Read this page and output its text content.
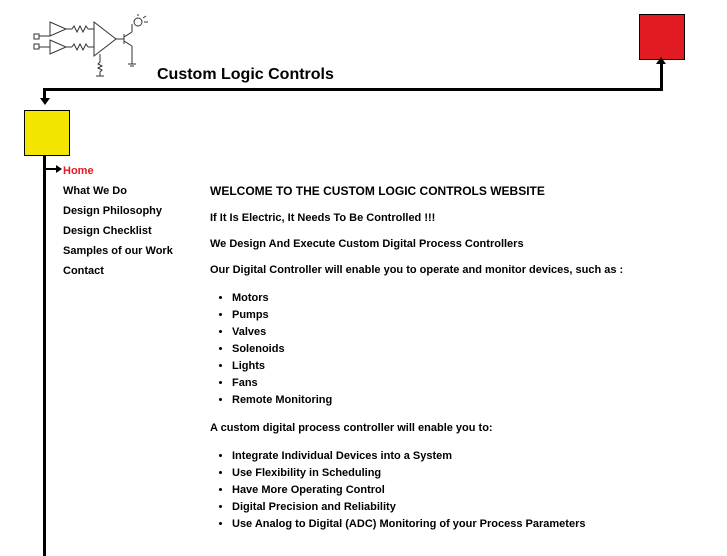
Custom Logic Controls
Home
What We Do
Design Philosophy
Design Checklist
Samples of our Work
Contact
WELCOME TO THE CUSTOM LOGIC CONTROLS WEBSITE

If It Is Electric, It Needs To Be Controlled !!!

We Design And Execute Custom Digital Process Controllers

Our Digital Controller will enable you to operate and monitor devices, such as :

• Motors
• Pumps
• Valves
• Solenoids
• Lights
• Fans
• Remote Monitoring

A custom digital process controller will enable you to:

• Integrate Individual Devices into a System
• Use Flexibility in Scheduling
• Have More Operating Control
• Digital Precision and Reliability
• Use Analog to Digital (ADC) Monitoring of your Process Parameters
